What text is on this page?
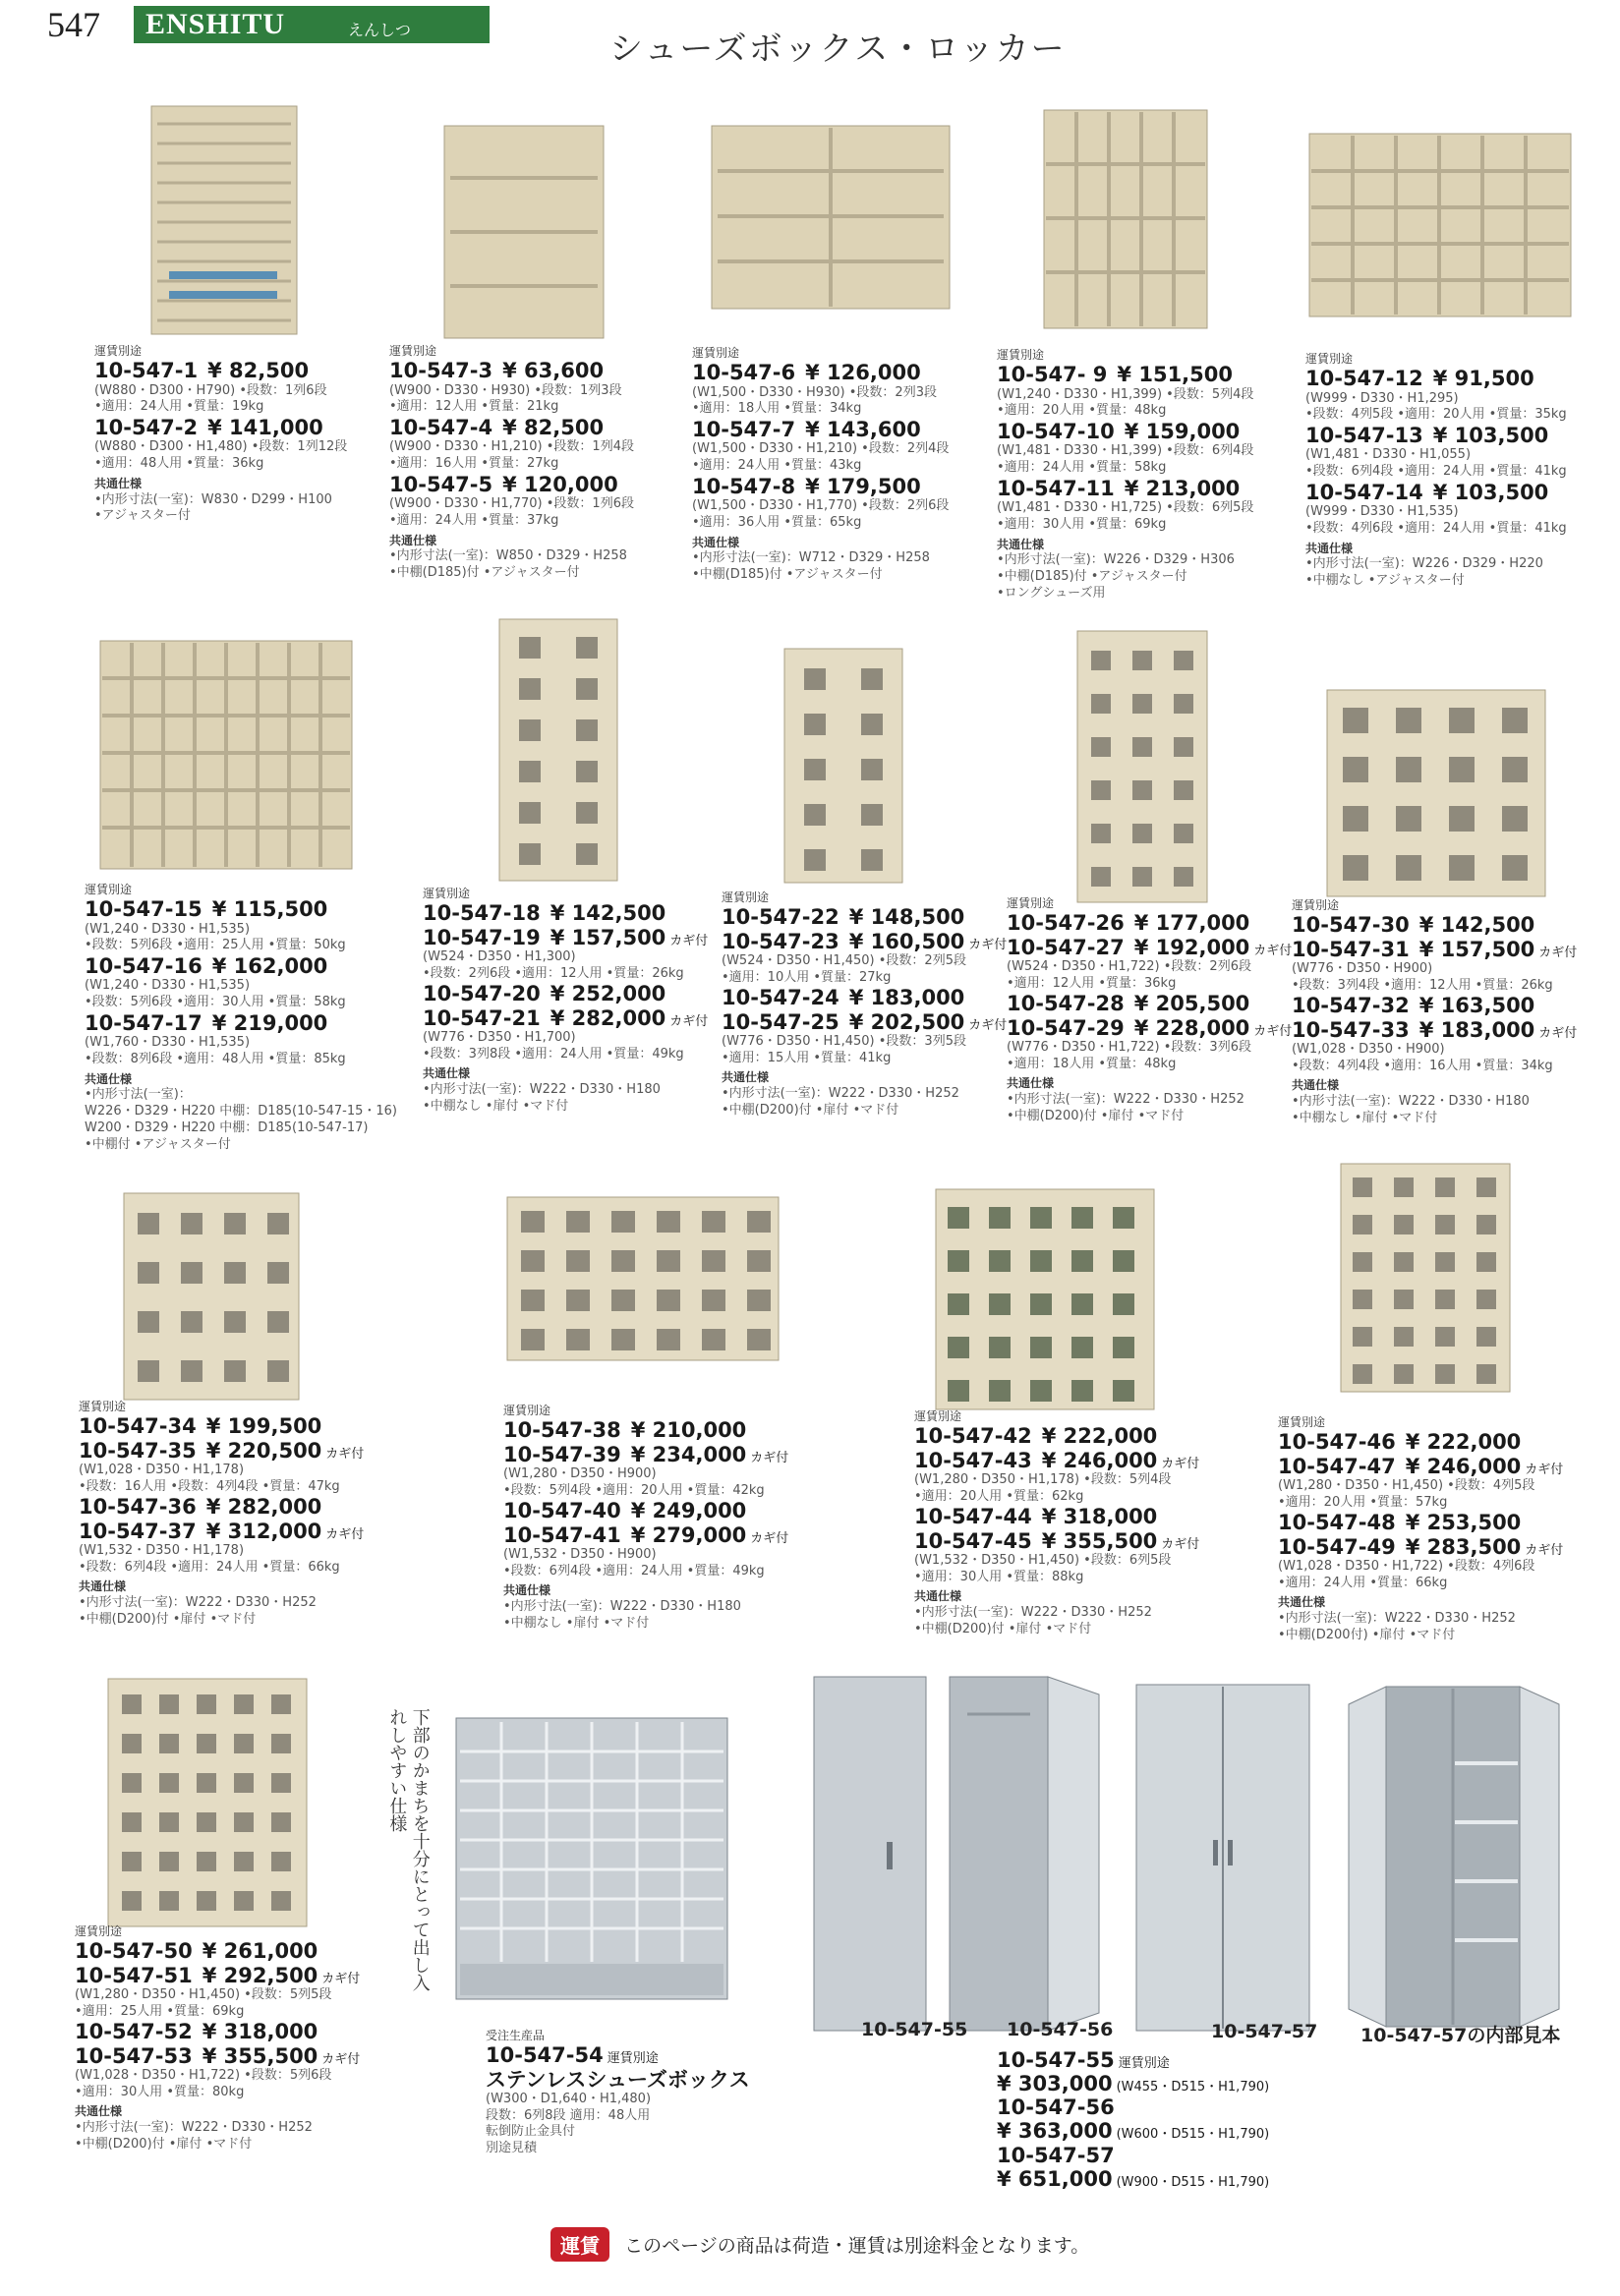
547 ENSHITU	えんしつ	シューズボックス・ロッカー
運賃別途
10-547-1 ¥ 82,500
(W880・D300・H790) •段数：1列6段
•適用：24人用 •質量：19kg
10-547-2 ¥ 141,000
(W880・D300・H1,480) •段数：1列12段
•適用：48人用 •質量：36kg
共通仕様
•内形寸法(一室)：W830・D299・H100
•アジャスター付
運賃別途
10-547-3 ¥ 63,600
(W900・D330・H930) •段数：1列3段
•適用：12人用 •質量：21kg
10-547-4 ¥ 82,500
(W900・D330・H1,210) •段数：1列4段
•適用：16人用 •質量：27kg
10-547-5 ¥ 120,000
(W900・D330・H1,770) •段数：1列6段
•適用：24人用 •質量：37kg
共通仕様
•内形寸法(一室)：W850・D329・H258
•中棚(D185)付 •アジャスター付
運賃別途
10-547-6 ¥ 126,000
(W1,500・D330・H930) •段数：2列3段
•適用：18人用 •質量：34kg
10-547-7 ¥ 143,600
(W1,500・D330・H1,210) •段数：2列4段
•適用：24人用 •質量：43kg
10-547-8 ¥ 179,500
(W1,500・D330・H1,770) •段数：2列6段
•適用：36人用 •質量：65kg
共通仕様
•内形寸法(一室)：W712・D329・H258
•中棚(D185)付 •アジャスター付
運賃別途
10-547- 9 ¥ 151,500
(W1,240・D330・H1,399) •段数：5列4段
•適用：20人用 •質量：48kg
10-547-10 ¥ 159,000
(W1,481・D330・H1,399) •段数：6列4段
•適用：24人用 •質量：58kg
10-547-11 ¥ 213,000
(W1,481・D330・H1,725) •段数：6列5段
•適用：30人用 •質量：69kg
共通仕様
•内形寸法(一室)：W226・D329・H306
•中棚(D185)付 •アジャスター付
•ロングシューズ用
運賃別途
10-547-12 ¥ 91,500
(W999・D330・H1,295)
•段数：4列5段 •適用：20人用 •質量：35kg
10-547-13 ¥ 103,500
(W1,481・D330・H1,055)
•段数：6列4段 •適用：24人用 •質量：41kg
10-547-14 ¥ 103,500
(W999・D330・H1,535)
•段数：4列6段 •適用：24人用 •質量：41kg
共通仕様
•内形寸法(一室)：W226・D329・H220
•中棚なし •アジャスター付
運賃別途
10-547-15 ¥ 115,500
(W1,240・D330・H1,535)
•段数：5列6段 •適用：25人用 •質量：50kg
10-547-16 ¥ 162,000
(W1,240・D330・H1,535)
•段数：5列6段 •適用：30人用 •質量：58kg
10-547-17 ¥ 219,000
(W1,760・D330・H1,535)
•段数：8列6段 •適用：48人用 •質量：85kg
共通仕様
•内形寸法(一室)：
W226・D329・H220 中棚：D185(10-547-15・16)
W200・D329・H220 中棚：D185(10-547-17)
•中棚付 •アジャスター付
運賃別途
10-547-18 ¥ 142,500
10-547-19 ¥ 157,500 カギ付
(W524・D350・H1,300)
•段数：2列6段 •適用：12人用 •質量：26kg
10-547-20 ¥ 252,000
10-547-21 ¥ 282,000 カギ付
(W776・D350・H1,700)
•段数：3列8段 •適用：24人用 •質量：49kg
共通仕様
•内形寸法(一室)：W222・D330・H180
•中棚なし •扉付 •マド付
運賃別途
10-547-22 ¥ 148,500
10-547-23 ¥ 160,500 カギ付
(W524・D350・H1,450) •段数：2列5段
•適用：10人用 •質量：27kg
10-547-24 ¥ 183,000
10-547-25 ¥ 202,500 カギ付
(W776・D350・H1,450) •段数：3列5段
•適用：15人用 •質量：41kg
共通仕様
•内形寸法(一室)：W222・D330・H252
•中棚(D200)付 •扉付 •マド付
運賃別途
10-547-26 ¥ 177,000
10-547-27 ¥ 192,000 カギ付
(W524・D350・H1,722) •段数：2列6段
•適用：12人用 •質量：36kg
10-547-28 ¥ 205,500
10-547-29 ¥ 228,000 カギ付
(W776・D350・H1,722) •段数：3列6段
•適用：18人用 •質量：48kg
共通仕様
•内形寸法(一室)：W222・D330・H252
•中棚(D200)付 •扉付 •マド付
運賃別途
10-547-30 ¥ 142,500
10-547-31 ¥ 157,500 カギ付
(W776・D350・H900)
•段数：3列4段 •適用：12人用 •質量：26kg
10-547-32 ¥ 163,500
10-547-33 ¥ 183,000 カギ付
(W1,028・D350・H900)
•段数：4列4段 •適用：16人用 •質量：34kg
共通仕様
•内形寸法(一室)：W222・D330・H180
•中棚なし •扉付 •マド付
運賃別途
10-547-34 ¥ 199,500
10-547-35 ¥ 220,500 カギ付
(W1,028・D350・H1,178)
•段数：16人用 •段数：4列4段 •質量：47kg
10-547-36 ¥ 282,000
10-547-37 ¥ 312,000 カギ付
(W1,532・D350・H1,178)
•段数：6列4段 •適用：24人用 •質量：66kg
共通仕様
•内形寸法(一室)：W222・D330・H252
•中棚(D200)付 •扉付 •マド付
運賃別途
10-547-38 ¥ 210,000
10-547-39 ¥ 234,000 カギ付
(W1,280・D350・H900)
•段数：5列4段 •適用：20人用 •質量：42kg
10-547-40 ¥ 249,000
10-547-41 ¥ 279,000 カギ付
(W1,532・D350・H900)
•段数：6列4段 •適用：24人用 •質量：49kg
共通仕様
•内形寸法(一室)：W222・D330・H180
•中棚なし •扉付 •マド付
運賃別途
10-547-42 ¥ 222,000
10-547-43 ¥ 246,000 カギ付
(W1,280・D350・H1,178) •段数：5列4段
•適用：20人用 •質量：62kg
10-547-44 ¥ 318,000
10-547-45 ¥ 355,500 カギ付
(W1,532・D350・H1,450) •段数：6列5段
•適用：30人用 •質量：88kg
共通仕様
•内形寸法(一室)：W222・D330・H252
•中棚(D200)付 •扉付 •マド付
運賃別途
10-547-46 ¥ 222,000
10-547-47 ¥ 246,000 カギ付
(W1,280・D350・H1,450) •段数：4列5段
•適用：20人用 •質量：57kg
10-547-48 ¥ 253,500
10-547-49 ¥ 283,500 カギ付
(W1,028・D350・H1,722) •段数：4列6段
•適用：24人用 •質量：66kg
共通仕様
•内形寸法(一室)：W222・D330・H252
•中棚(D200付) •扉付 •マド付
運賃別途
10-547-50 ¥ 261,000
10-547-51 ¥ 292,500 カギ付
(W1,280・D350・H1,450) •段数：5列5段
•適用：25人用 •質量：69kg
10-547-52 ¥ 318,000
10-547-53 ¥ 355,500 カギ付
(W1,028・D350・H1,722) •段数：5列6段
•適用：30人用 •質量：80kg
共通仕様
•内形寸法(一室)：W222・D330・H252
•中棚(D200)付 •扉付 •マド付
受注生産品
10-547-54 運賃別途
ステンレスシューズボックス
(W300・D1,640・H1,480)
段数：6列8段 適用：48人用
転倒防止金具付
別途見積
10-547-55 運賃別途
¥ 303,000 (W455・D515・H1,790)
10-547-56
¥ 363,000 (W600・D515・H1,790)
10-547-57
¥ 651,000 (W900・D515・H1,790)
下部のかまちを十分にとって出し入れしやすい仕様
10-547-55 10-547-56	10-547-57 10-547-57の内部見本
運賃 このページの商品は荷造・運賃は別途料金となります。
